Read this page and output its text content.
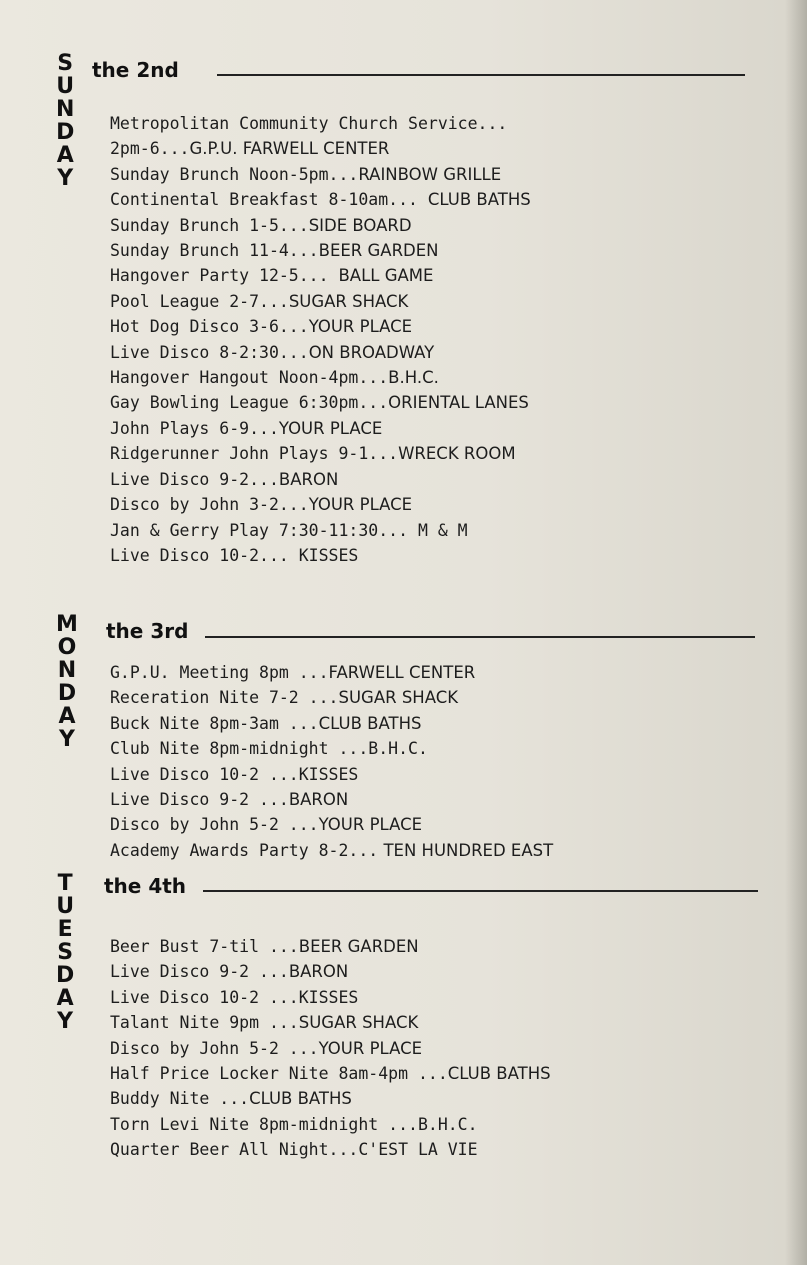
S
U
N
D
A
Y
the 2nd
Metropolitan Community Church Service...
2pm-6...G.P.U. FARWELL CENTER
Sunday Brunch Noon-5pm...RAINBOW GRILLE
Continental Breakfast 8-10am... CLUB BATHS
Sunday Brunch 1-5...SIDE BOARD
Sunday Brunch 11-4...BEER GARDEN
Hangover Party 12-5... BALL GAME
Pool League 2-7...SUGAR SHACK
Hot Dog Disco 3-6...YOUR PLACE
Live Disco 8-2:30...ON BROADWAY
Hangover Hangout Noon-4pm...B.H.C.
Gay Bowling League 6:30pm...ORIENTAL LANES
John Plays 6-9...YOUR PLACE
Ridgerunner John Plays 9-1...WRECK ROOM
Live Disco 9-2...BARON
Disco by John 3-2...YOUR PLACE
Jan & Gerry Play 7:30-11:30... M & M
Live Disco 10-2... KISSES
M
O
N
D
A
Y
the 3rd
G.P.U. Meeting 8pm ...FARWELL CENTER
Receration Nite 7-2 ...SUGAR SHACK
Buck Nite 8pm-3am ...CLUB BATHS
Club Nite 8pm-midnight ...B.H.C.
Live Disco 10-2 ...KISSES
Live Disco 9-2 ...BARON
Disco by John 5-2 ...YOUR PLACE
Academy Awards Party 8-2... TEN HUNDRED EAST
T
U
E
S
D
A
Y
the 4th
Beer Bust 7-til ...BEER GARDEN
Live Disco 9-2 ...BARON
Live Disco 10-2 ...KISSES
Talant Nite 9pm ...SUGAR SHACK
Disco by John 5-2 ...YOUR PLACE
Half Price Locker Nite 8am-4pm ...CLUB BATHS
Buddy Nite ...CLUB BATHS
Torn Levi Nite 8pm-midnight ...B.H.C.
Quarter Beer All Night...C'EST LA VIE
